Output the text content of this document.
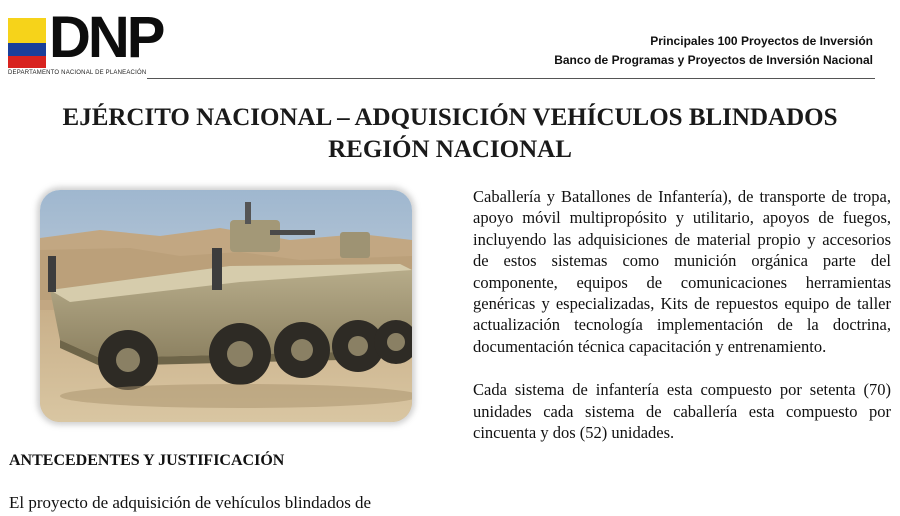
DNP
DEPARTAMENTO NACIONAL DE PLANEACIÓN
Principales 100 Proyectos de Inversión
Banco de Programas y Proyectos de Inversión Nacional
EJÉRCITO NACIONAL – ADQUISICIÓN VEHÍCULOS BLINDADOS
REGIÓN NACIONAL
ANTECEDENTES Y JUSTIFICACIÓN
El proyecto de adquisición de vehículos blindados de

Caballería y Batallones de Infantería), de transporte de tropa, apoyo móvil multipropósito y utilitario, apoyos de fuegos, incluyendo las adquisiciones de material propio y accesorios de estos sistemas como munición orgánica parte del componente, equipos de comunicaciones herramientas genéricas y especializadas, Kits de repuestos equipo de taller actualización tecnología implementación de la doctrina, documentación técnica capacitación y entrenamiento.

Cada sistema de infantería esta compuesto por setenta (70) unidades cada sistema de caballería esta compuesto por cincuenta y dos (52) unidades.
